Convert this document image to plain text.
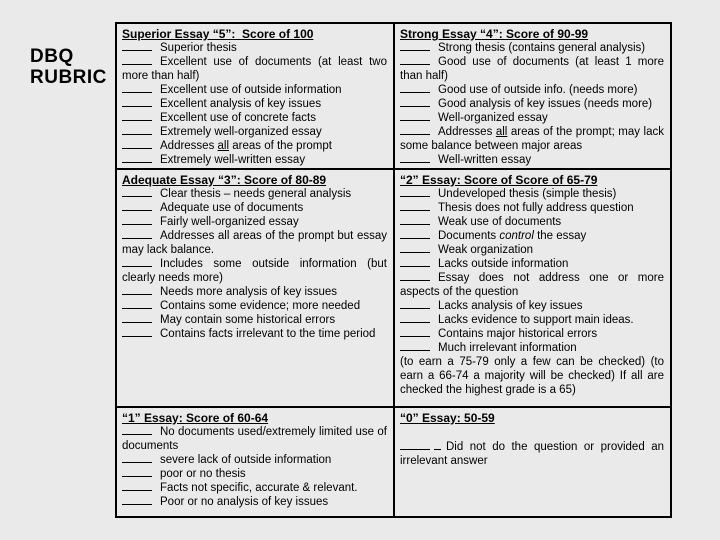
DBQ
RUBRIC
Superior Essay “5”:  Score of 100
Superior thesis
Excellent use of documents (at least two more than half)
Excellent use of outside information
Excellent analysis of key issues
Excellent use of concrete facts
Extremely well-organized essay
Addresses all areas of the prompt
Extremely well-written essay
Strong Essay “4”: Score of 90-99
Strong thesis (contains general analysis)
Good use of documents (at least 1 more than half)
Good use of outside info. (needs more)
Good analysis of key issues (needs more)
Well-organized essay
Addresses all areas of the prompt; may lack some balance between major areas
Well-written essay
Adequate Essay “3”: Score of 80-89
Clear thesis – needs general analysis
Adequate use of documents
Fairly well-organized essay
Addresses all areas of the prompt but essay may lack balance.
Includes some outside information (but clearly needs more)
Needs more analysis of key issues
Contains some evidence; more needed
May contain some historical errors
Contains facts irrelevant to the time period
“2” Essay: Score of Score of 65-79
Undeveloped thesis (simple thesis)
Thesis does not fully address question
Weak use of documents
Documents control the essay
Weak organization
Lacks outside information
Essay does not address one or more aspects of the question
Lacks analysis of key issues
Lacks evidence to support main ideas.
Contains major historical errors
Much irrelevant information
(to earn a 75-79 only a few can be checked) (to earn a 66-74 a majority will be checked) If all are checked the highest grade is a 65)
“1” Essay: Score of 60-64
No documents used/extremely limited use of documents
severe lack of outside information
poor or no thesis
Facts not specific, accurate & relevant.
Poor or no analysis of key issues
“0” Essay: 50-59
Did not do the question or provided an irrelevant answer
